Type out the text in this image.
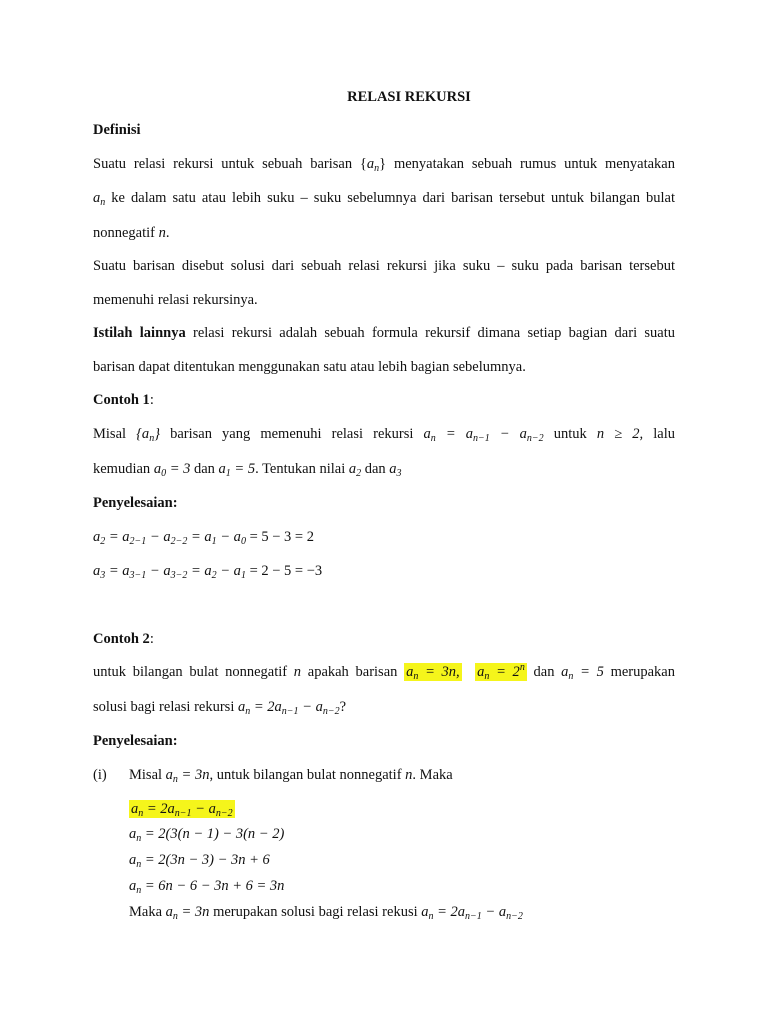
RELASI REKURSI
Definisi
Suatu relasi rekursi untuk sebuah barisan $\{a_n\}$ menyatakan sebuah rumus untuk menyatakan
$a_n$ ke dalam satu atau lebih suku – suku sebelumnya dari barisan tersebut untuk bilangan bulat
nonnegatif n.
Suatu barisan disebut solusi dari sebuah relasi rekursi jika suku – suku pada barisan tersebut
memenuhi relasi rekursinya.
Istilah lainnya relasi rekursi adalah sebuah formula rekursif dimana setiap bagian dari suatu
barisan dapat ditentukan menggunakan satu atau lebih bagian sebelumnya.
Contoh 1:
Misal $\{a_n\}$ barisan yang memenuhi relasi rekursi $a_n = a_{n-1} - a_{n-2}$ untuk n ≥ 2, lalu
kemudian $a_0 = 3$ dan $a_1 = 5$. Tentukan nilai $a_2$ dan $a_3$
Penyelesaian:
$a_2 = a_{2-1} - a_{2-2} = a_1 - a_0 = 5 - 3 = 2$
$a_3 = a_{3-1} - a_{3-2} = a_2 - a_1 = 2 - 5 = -3$
Contoh 2:
untuk bilangan bulat nonnegatif n apakah barisan $a_n = 3n$, $a_n = 2^n$ dan $a_n = 5$ merupakan
solusi bagi relasi rekursi $a_n = 2a_{n-1} - a_{n-2}$?
Penyelesaian:
(i)	Misal $a_n = 3n$, untuk bilangan bulat nonnegatif n. Maka
$a_n = 2a_{n-1} - a_{n-2}$
$a_n = 2(3(n - 1) - 3(n - 2)$
$a_n = 2(3n - 3) - 3n + 6$
$a_n = 6n - 6 - 3n + 6 = 3n$
Maka $a_n = 3n$ merupakan solusi bagi relasi rekusi $a_n = 2a_{n-1} - a_{n-2}$
